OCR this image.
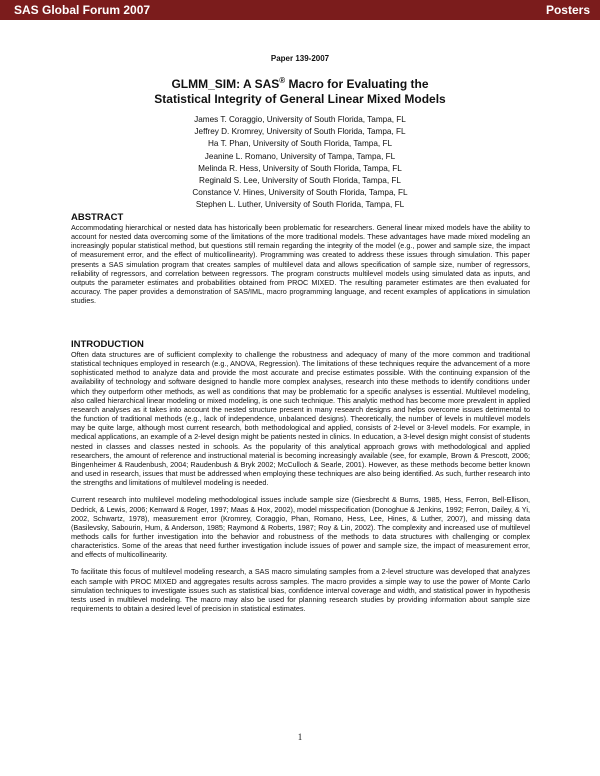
SAS Global Forum 2007	Posters
Paper 139-2007
GLMM_SIM: A SAS® Macro for Evaluating the
Statistical Integrity of General Linear Mixed Models
James T. Coraggio, University of South Florida, Tampa, FL
Jeffrey D. Kromrey, University of South Florida, Tampa, FL
Ha T. Phan, University of South Florida, Tampa, FL
Jeanine L. Romano, University of Tampa, Tampa, FL
Melinda R. Hess, University of South Florida, Tampa, FL
Reginald S. Lee, University of South Florida, Tampa, FL
Constance V. Hines, University of South Florida, Tampa, FL
Stephen L. Luther, University of South Florida, Tampa, FL
ABSTRACT

Accommodating hierarchical or nested data has historically been problematic for researchers. General linear mixed models have the ability to account for nested data overcoming some of the limitations of the more traditional models. These advantages have made mixed modeling an increasingly popular statistical method, but questions still remain regarding the integrity of the model (e.g., power and sample size, the impact of measurement error, and the effect of multicollinearity). Programming was created to address these issues through simulation. This paper presents a SAS simulation program that creates samples of multilevel data and allows specification of sample size, number of regressors, reliability of regressors, and correlation between regressors. The program constructs multilevel models using simulated data as inputs, and outputs the parameter estimates and probabilities obtained from PROC MIXED. The resulting parameter estimates are then evaluated for accuracy. The paper provides a demonstration of SAS/IML, macro programming language, and recent examples of applications in simulation studies.

INTRODUCTION

Often data structures are of sufficient complexity to challenge the robustness and adequacy of many of the more common and traditional statistical techniques employed in research (e.g., ANOVA, Regression). The limitations of these techniques require the advancement of a more sophisticated method to analyze data and provide the most accurate and precise estimates possible. With the continuing expansion of the availability of technology and software designed to handle more complex analyses, research into these methods to identify conditions under which they outperform other methods, as well as conditions that may be problematic for a specific analyses is essential. Multilevel modeling, also called hierarchical linear modeling or mixed modeling, is one such technique. This analytic method has become more prevalent in applied research analyses as it takes into account the nested structure present in many research designs and helps overcome issues detrimental to the function of traditional methods (e.g., lack of independence, unbalanced designs). Theoretically, the number of levels in multilevel models may be quite large, although most current research, both methodological and applied, consists of 2-level or 3-level models. For example, in medical applications, an example of a 2-level design might be patients nested in clinics. In education, a 3-level design might consist of students nested in classes and classes nested in schools. As the popularity of this analytical approach grows with methodological and applied researchers, the amount of reference and instructional material is becoming increasingly available (see, for example, Brown & Prescott, 2006; Bingenheimer & Raudenbush, 2004; Raudenbush & Bryk 2002; McCulloch & Searle, 2001). However, as these methods become better known and used in research, issues that must be addressed when employing these techniques are also being identified. As such, further research into the strengths and limitations of multilevel modeling is needed.

Current research into multilevel modeling methodological issues include sample size (Giesbrecht & Burns, 1985, Hess, Ferron, Bell-Ellison, Dedrick, & Lewis, 2006; Kenward & Roger, 1997; Maas & Hox, 2002), model misspecification (Donoghue & Jenkins, 1992; Ferron, Dailey, & Yi, 2002, Schwartz, 1978), measurement error (Kromrey, Coraggio, Phan, Romano, Hess, Lee, Hines, & Luther, 2007), and missing data (Basilevsky, Sabourin, Hum, & Anderson, 1985; Raymond & Roberts, 1987; Roy & Lin, 2002). The complexity and increased use of multilevel methods calls for further investigation into the behavior and robustness of the methods to data structures with challenging or complex characteristics. Some of the areas that need further investigation include issues of power and sample size, the impact of measurement error, and effects of multicollinearity.

To facilitate this focus of multilevel modeling research, a SAS macro simulating samples from a 2-level structure was developed that analyzes each sample with PROC MIXED and aggregates results across samples. The macro provides a simple way to use the power of Monte Carlo simulation techniques to investigate issues such as statistical bias, confidence interval coverage and width, and statistical power in hypothesis tests used in multilevel modeling. The macro may also be used for planning research studies by providing information about sample size requirements to obtain a desired level of precision in statistical estimates.

1
